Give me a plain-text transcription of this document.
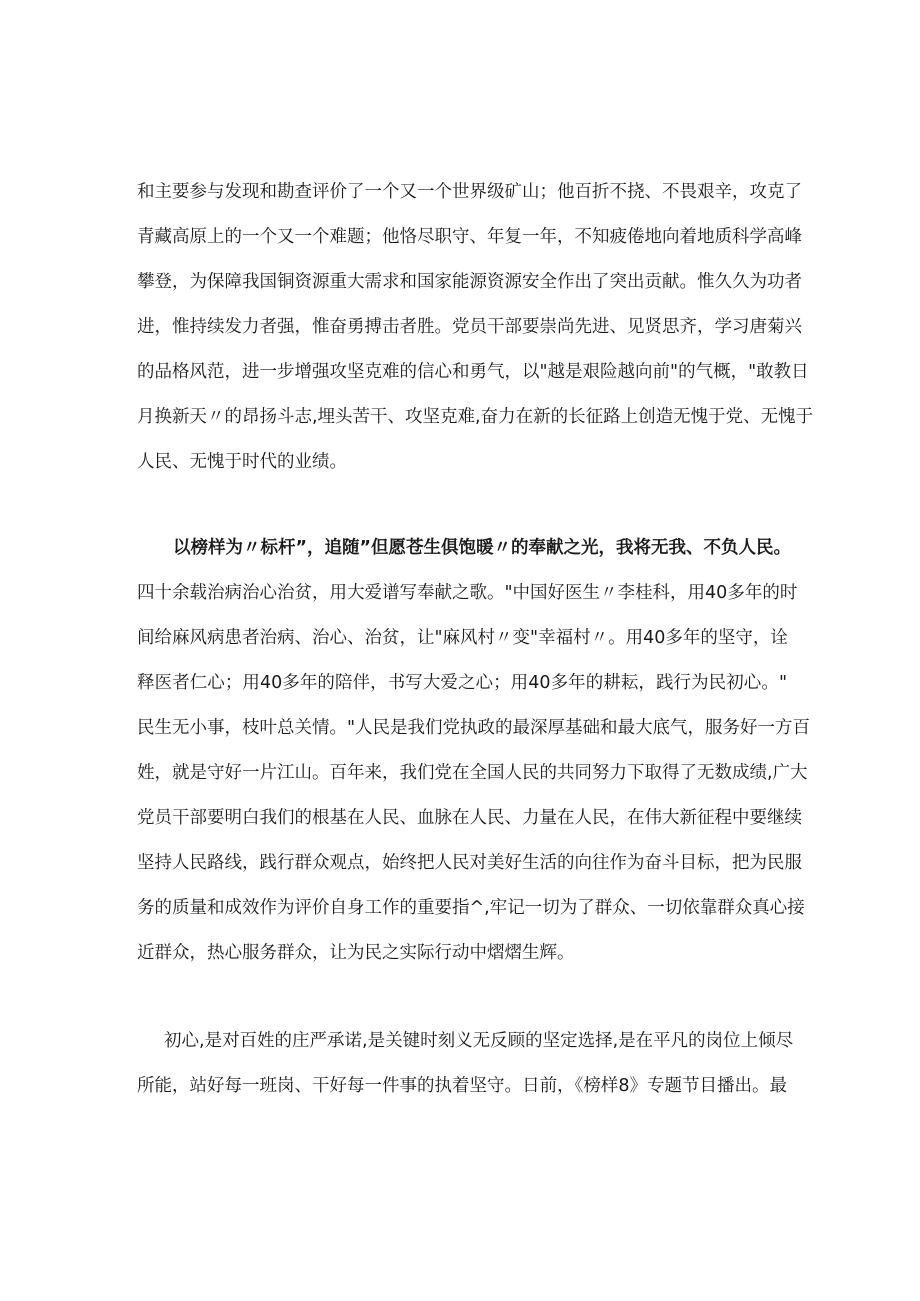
和主要参与发现和勘查评价了一个又一个世界级矿山；他百折不挠、不畏艰辛，攻克了
青藏高原上的一个又一个难题；他恪尽职守、年复一年，不知疲倦地向着地质科学高峰
攀登，为保障我国铜资源重大需求和国家能源资源安全作出了突出贡献。惟久久为功者
进，惟持续发力者强，惟奋勇搏击者胜。党员干部要崇尚先进、见贤思齐，学习唐菊兴
的品格风范，进一步增强攻坚克难的信心和勇气，以"越是艰险越向前"的气概，"敢教日
月换新天〃的昂扬斗志,埋头苦干、攻坚克难,奋力在新的长征路上创造无愧于党、无愧于
人民、无愧于时代的业绩。
以榜样为〃标杆”，追随”但愿苍生俱饱暖〃的奉献之光，我将无我、不负人民。
四十余载治病治心治贫，用大爱谱写奉献之歌。"中国好医生〃李桂科，用40多年的时
间给麻风病患者治病、治心、治贫，让"麻风村〃变"幸福村〃。用40多年的坚守，诠
释医者仁心；用40多年的陪伴，书写大爱之心；用40多年的耕耘，践行为民初心。"
民生无小事，枝叶总关情。"人民是我们党执政的最深厚基础和最大底气，服务好一方百
姓，就是守好一片江山。百年来，我们党在全国人民的共同努力下取得了无数成绩,广大
党员干部要明白我们的根基在人民、血脉在人民、力量在人民，在伟大新征程中要继续
坚持人民路线，践行群众观点，始终把人民对美好生活的向往作为奋斗目标，把为民服
务的质量和成效作为评价自身工作的重要指^,牢记一切为了群众、一切依靠群众真心接
近群众，热心服务群众，让为民之实际行动中熠熠生辉。
初心,是对百姓的庄严承诺,是关键时刻义无反顾的坚定选择,是在平凡的岗位上倾尽
所能，站好每一班岗、干好每一件事的执着坚守。日前，《榜样8》专题节目播出。最
